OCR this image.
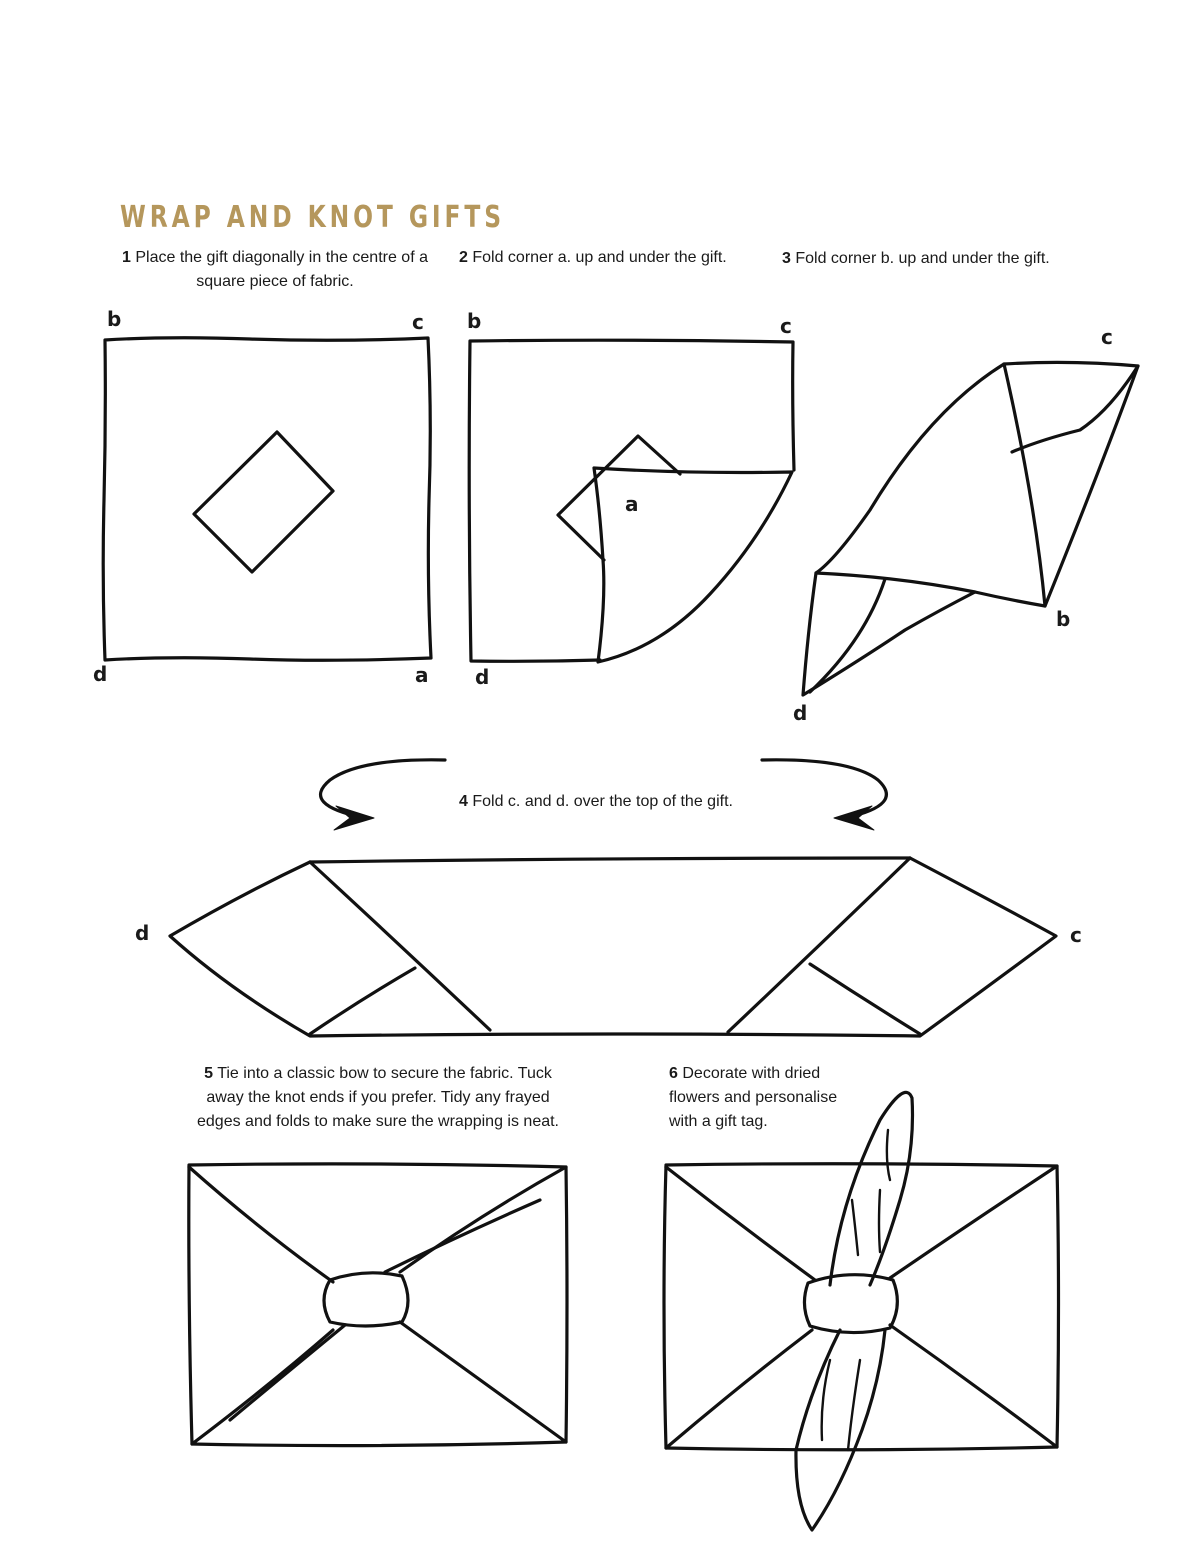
WRAP AND KNOT GIFTS
1 Place the gift diagonally in the centre of a square piece of fabric.
2 Fold corner a. up and under the gift.	3 Fold corner b. up and under the gift.
4 Fold c. and d. over the top of the gift.
5 Tie into a classic bow to secure the fabric. Tuck away the knot ends if you prefer. Tidy any frayed edges and folds to make sure the wrapping is neat.
6 Decorate with dried flowers and personalise with a gift tag.
b	c
d	a
b	c
a
d
c
b
d
d	c
